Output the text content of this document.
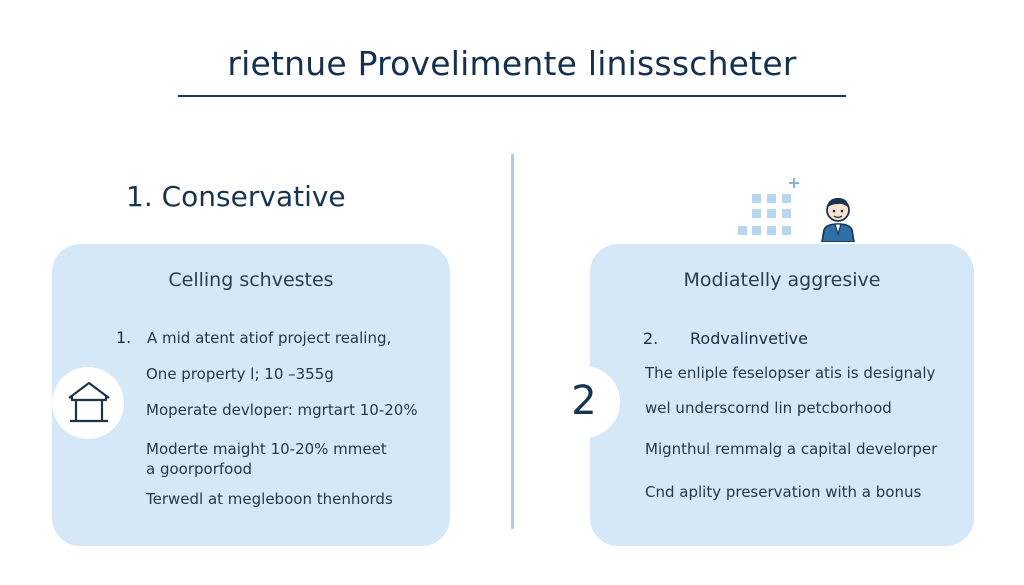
rietnue Provelimente linissscheter
1. Conservative
Celling schvestes
1. A mid atent atiof project realing,
One property l; 10 –355g
Moperate devloper: mgrtart 10-20%
Moderte maight 10-20% mmeet
a goorporfood
Terwedl at meglebοon thenhords
Modiatelly aggresive
2. Rodvalinvetive
The enliple feselopser atis is designaly
wel underscornd lin petcborhood
Mignthul remmalg a capital develorper
Cnd aplity preservation with a bonus
2
